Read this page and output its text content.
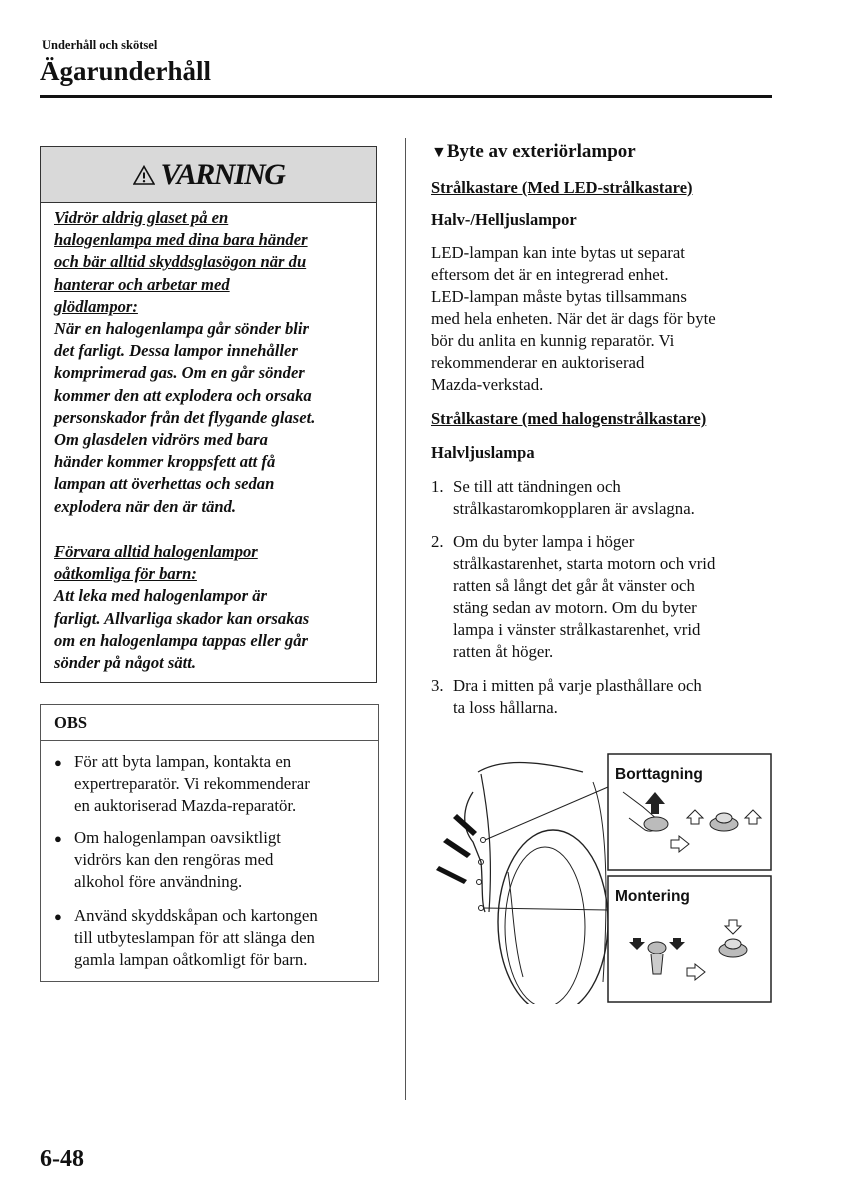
Underhåll och skötsel
Ägarunderhåll
VARNING
Vidrör aldrig glaset på en
halogenlampa med dina bara händer
och bär alltid skyddsglasögon när du
hanterar och arbetar med
glödlampor:
När en halogenlampa går sönder blir
det farligt. Dessa lampor innehåller
komprimerad gas. Om en går sönder
kommer den att explodera och orsaka
personskador från det flygande glaset.
Om glasdelen vidrörs med bara
händer kommer kroppsfett att få
lampan att överhettas och sedan
explodera när den är tänd.
Förvara alltid halogenlampor
oåtkomliga för barn:
Att leka med halogenlampor är
farligt. Allvarliga skador kan orsakas
om en halogenlampa tappas eller går
sönder på något sätt.
OBS
● För att byta lampan, kontakta en
expertreparatör. Vi rekommenderar
en auktoriserad Mazda-reparatör.
● Om halogenlampan oavsiktligt
vidrörs kan den rengöras med
alkohol före användning.
● Använd skyddskåpan och kartongen
till utbyteslampan för att slänga den
gamla lampan oåtkomligt för barn.
▼Byte av exteriörlampor
Strålkastare (Med LED-strålkastare)
Halv-/Helljuslampor
LED-lampan kan inte bytas ut separat
eftersom det är en integrerad enhet.
LED-lampan måste bytas tillsammans
med hela enheten. När det är dags för byte
bör du anlita en kunnig reparatör. Vi
rekommenderar en auktoriserad
Mazda-verkstad.
Strålkastare (med halogenstrålkastare)
Halvljuslampa
1. Se till att tändningen och
strålkastaromkopplaren är avslagna.
2. Om du byter lampa i höger
strålkastarenhet, starta motorn och vrid
ratten så långt det går åt vänster och
stäng sedan av motorn. Om du byter
lampa i vänster strålkastarenhet, vrid
ratten åt höger.
3. Dra i mitten på varje plasthållare och
ta loss hållarna.
Borttagning
Montering
6-48
